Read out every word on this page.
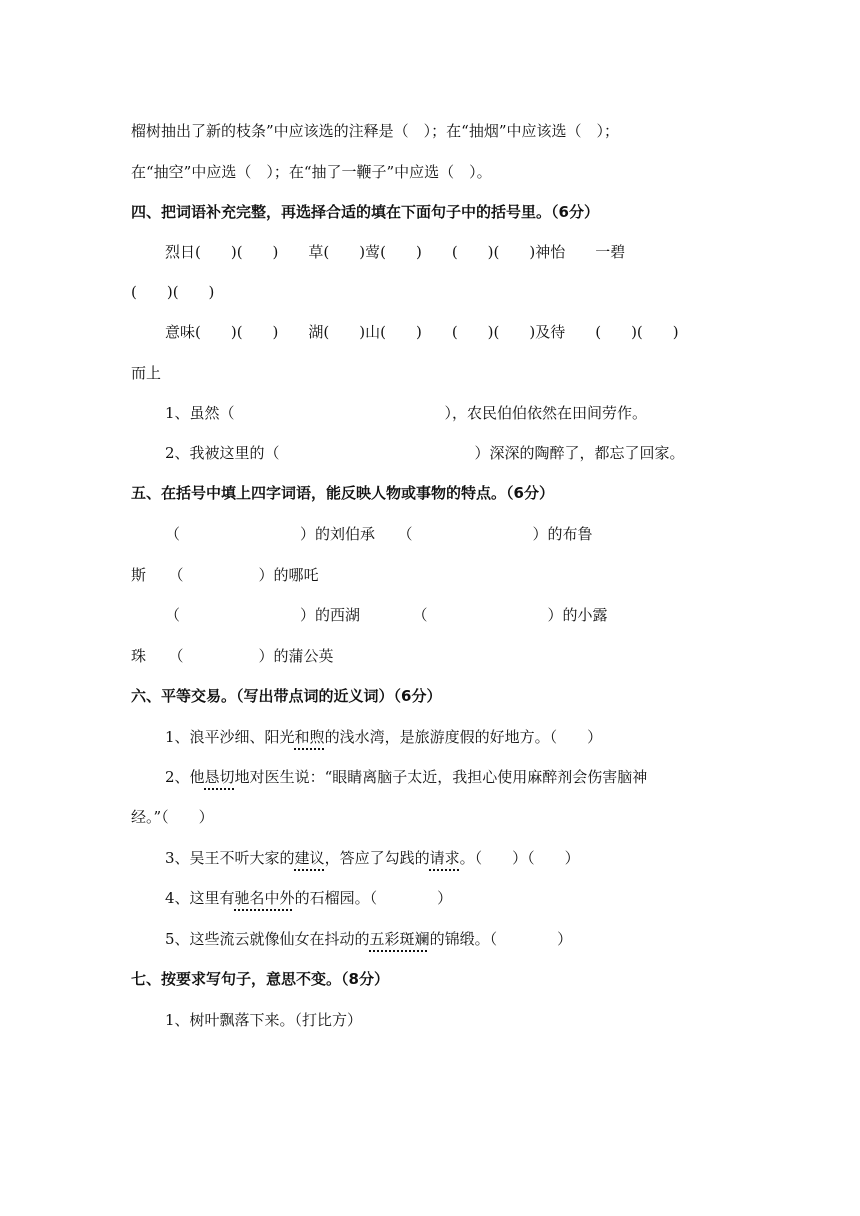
榴树抽出了新的枝条”中应该选的注释是（　）；在“抽烟”中应该选（　）；
在“抽空”中应选（　）；在“抽了一鞭子”中应选（　）。
四、把词语补充完整，再选择合适的填在下面句子中的括号里。（6分）
烈日(　　)(　　)　　草(　　)莺(　　)　　(　　)(　　)神怡　　一碧
(　　)(　　)
意味(　　)(　　)　　湖(　　)山(　　)　　(　　)(　　)及待　　(　　)(　　)
而上
1、虽然（　　　　　　　　　　　　　　），农民伯伯依然在田间劳作。
2、我被这里的（　　　　　　　　　　　　　）深深的陶醉了，都忘了回家。
五、在括号中填上四字词语，能反映人物或事物的特点。（6分）
（　　　　　　　　）的刘伯承　　（　　　　　　　　）的布鲁
斯　　（　　　　　）的哪吒
（　　　　　　　　）的西湖　　　　（　　　　　　　　）的小露
珠　　（　　　　　）的蒲公英
六、平等交易。（写出带点词的近义词）（6分）
1、浪平沙细、阳光和煦的浅水湾，是旅游度假的好地方。（　　）
2、他恳切地对医生说：“眼睛离脑子太近，我担心使用麻醉剂会伤害脑神
经。”（　　）
3、吴王不听大家的建议，答应了勾践的请求。（　　）（　　）
4、这里有驰名中外的石榴园。（　　　　）
5、这些流云就像仙女在抖动的五彩斑斓的锦缎。（　　　　）
七、按要求写句子，意思不变。（8分）
1、树叶飘落下来。（打比方）
